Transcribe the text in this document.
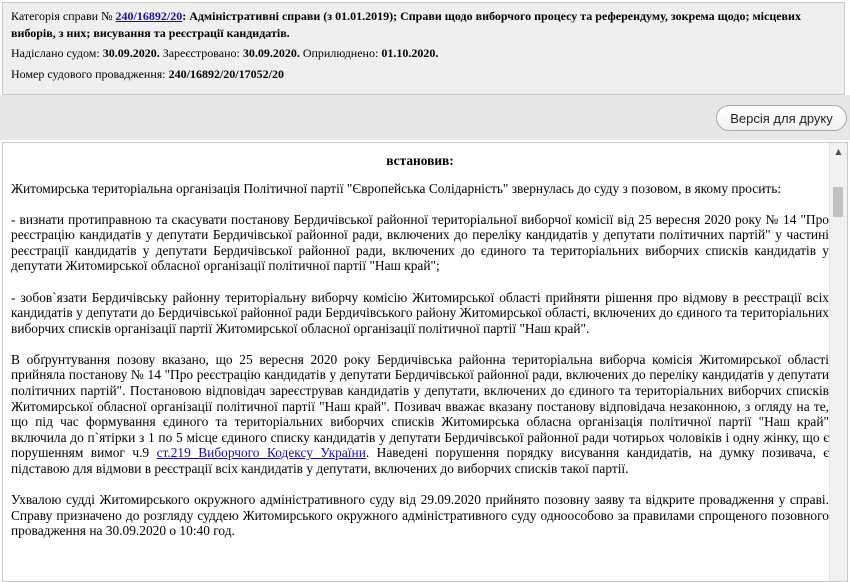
Категорія справи № 240/16892/20: Адміністративні справи (з 01.01.2019); Справи щодо виборчого процесу та референдуму, зокрема щодо; місцевих виборів, з них; висування та реєстрації кандидатів.
Надіслано судом: 30.09.2020. Зареєстровано: 30.09.2020. Оприлюднено: 01.10.2020.
Номер судового провадження: 240/16892/20/17052/20
Версія для друку

встановив:

Житомирська територіальна організація Політичної партії "Європейська Солідарність" звернулась до суду з позовом, в якому просить:

- визнати протиправною та скасувати постанову Бердичівської районної територіальної виборчої комісії від 25 вересня 2020 року № 14 "Про реєстрацію кандидатів у депутати Бердичівської районної ради, включених до переліку кандидатів у депутати політичних партій" у частині реєстрації кандидатів у депутати Бердичівської районної ради, включених до єдиного та територіальних виборчих списків кандидатів у депутати Житомирської обласної організації політичної партії "Наш край";

- зобов`язати Бердичівську районну територіальну виборчу комісію Житомирської області прийняти рішення про відмову в реєстрації всіх кандидатів у депутати до Бердичівської районної ради Бердичівського району Житомирської області, включених до єдиного та територіальних виборчих списків організації партії Житомирської обласної організації політичної партії "Наш край".

В обґрунтування позову вказано, що 25 вересня 2020 року Бердичівська районна територіальна виборча комісія Житомирської області прийняла постанову № 14 "Про реєстрацію кандидатів у депутати Бердичівської районної ради, включених до переліку кандидатів у депутати політичних партій". Постановою відповідач зареєстрував кандидатів у депутати, включених до єдиного та територіальних виборчих списків Житомирської обласної організації політичної партії "Наш край". Позивач вважає вказану постанову відповідача незаконною, з огляду на те, що під час формування єдиного та територіальних виборчих списків Житомирська обласна організація політичної партії "Наш край" включила до п`ятірки з 1 по 5 місце єдиного списку кандидатів у депутати Бердичівської районної ради чотирьох чоловіків і одну жінку, що є порушенням вимог ч.9 ст.219 Виборчого Кодексу України. Наведені порушення порядку висування кандидатів, на думку позивача, є підставою для відмови в реєстрації всіх кандидатів у депутати, включених до виборчих списків такої партії.

Ухвалою судді Житомирського окружного адміністративного суду від 29.09.2020 прийнято позовну заяву та відкрите провадження у справі. Справу призначено до розгляду суддею Житомирського окружного адміністративного суду одноособово за правилами спрощеного позовного провадження на 30.09.2020 о 10:40 год.

▲
